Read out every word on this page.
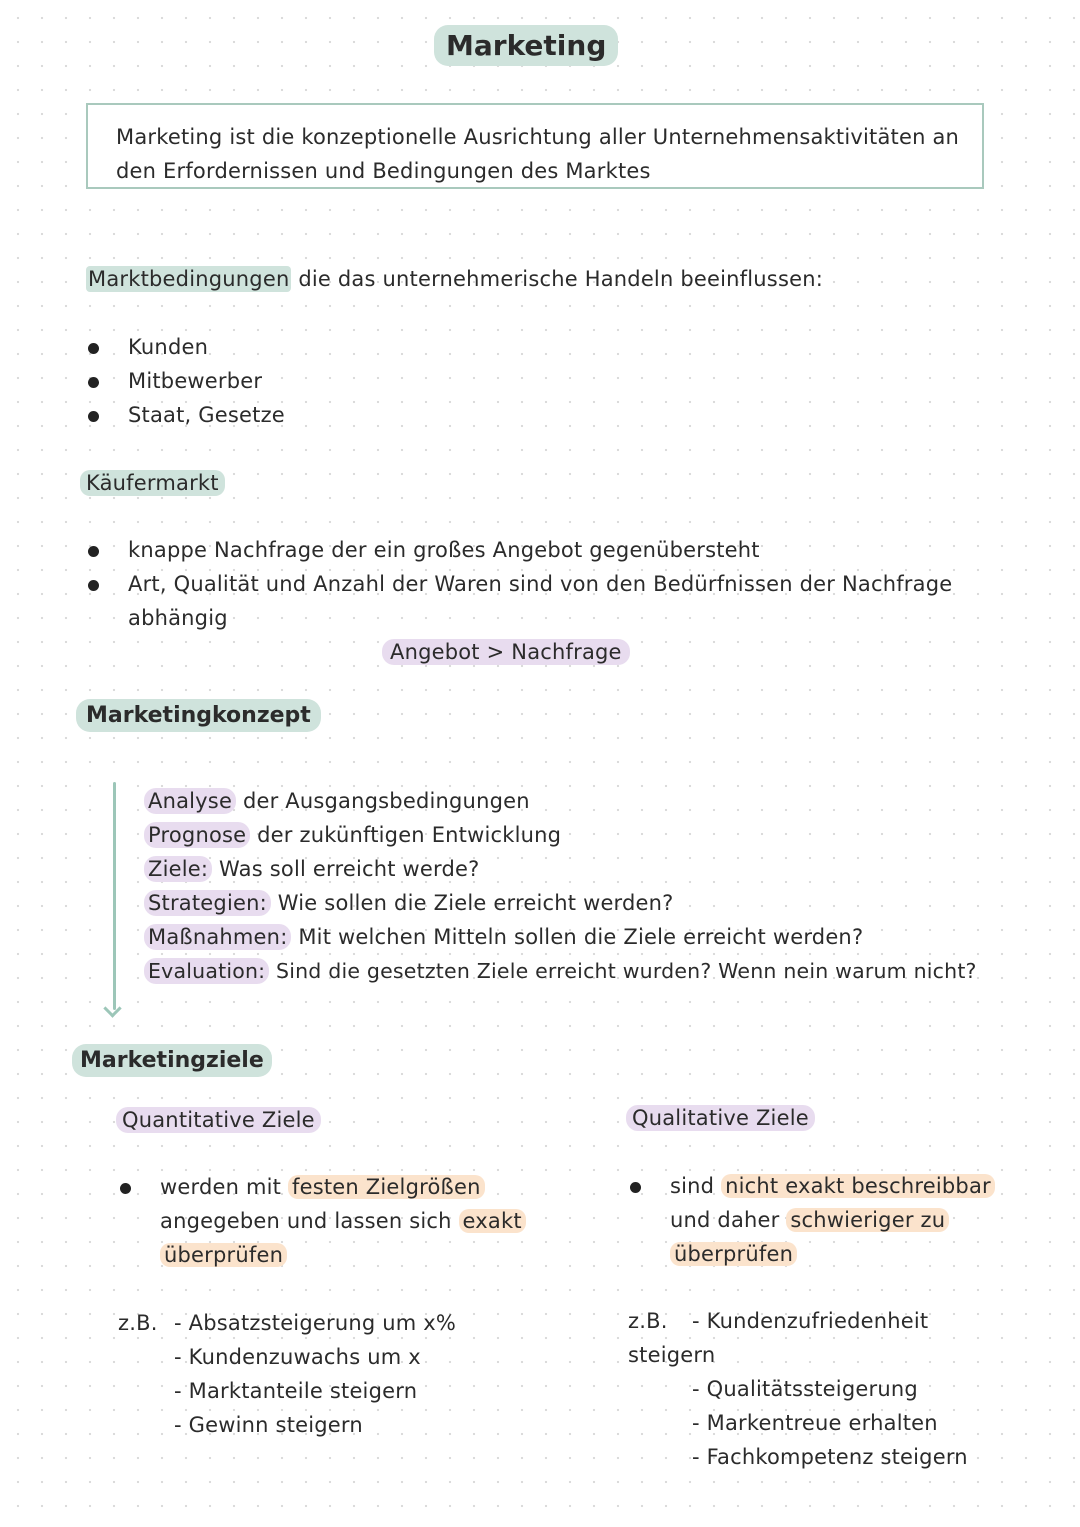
Marketing
Marketing ist die konzeptionelle Ausrichtung aller Unternehmensaktivitäten an
den Erfordernissen und Bedingungen des Marktes
Marktbedingungen die das unternehmerische Handeln beeinflussen:
Kunden
Mitbewerber
Staat, Gesetze
Käufermarkt
knappe Nachfrage der ein großes Angebot gegenübersteht
Art, Qualität und Anzahl der Waren sind von den Bedürfnissen der Nachfrage
abhängig
Angebot > Nachfrage
Marketingkonzept
Analyse der Ausgangsbedingungen
Prognose der zukünftigen Entwicklung
Ziele: Was soll erreicht werde?
Strategien: Wie sollen die Ziele erreicht werden?
Maßnahmen: Mit welchen Mitteln sollen die Ziele erreicht werden?
Evaluation: Sind die gesetzten Ziele erreicht wurden? Wenn nein warum nicht?
Marketingziele
Quantitative Ziele
werden mit festen Zielgrößen
angegeben und lassen sich exakt
überprüfen
z.B. - Absatzsteigerung um x%
- Kundenzuwachs um x
- Marktanteile steigern
- Gewinn steigern
Qualitative Ziele
sind nicht exakt beschreibbar
und daher schwieriger zu
überprüfen
z.B. - Kundenzufriedenheit
steigern
- Qualitätssteigerung
- Markentreue erhalten
- Fachkompetenz steigern
